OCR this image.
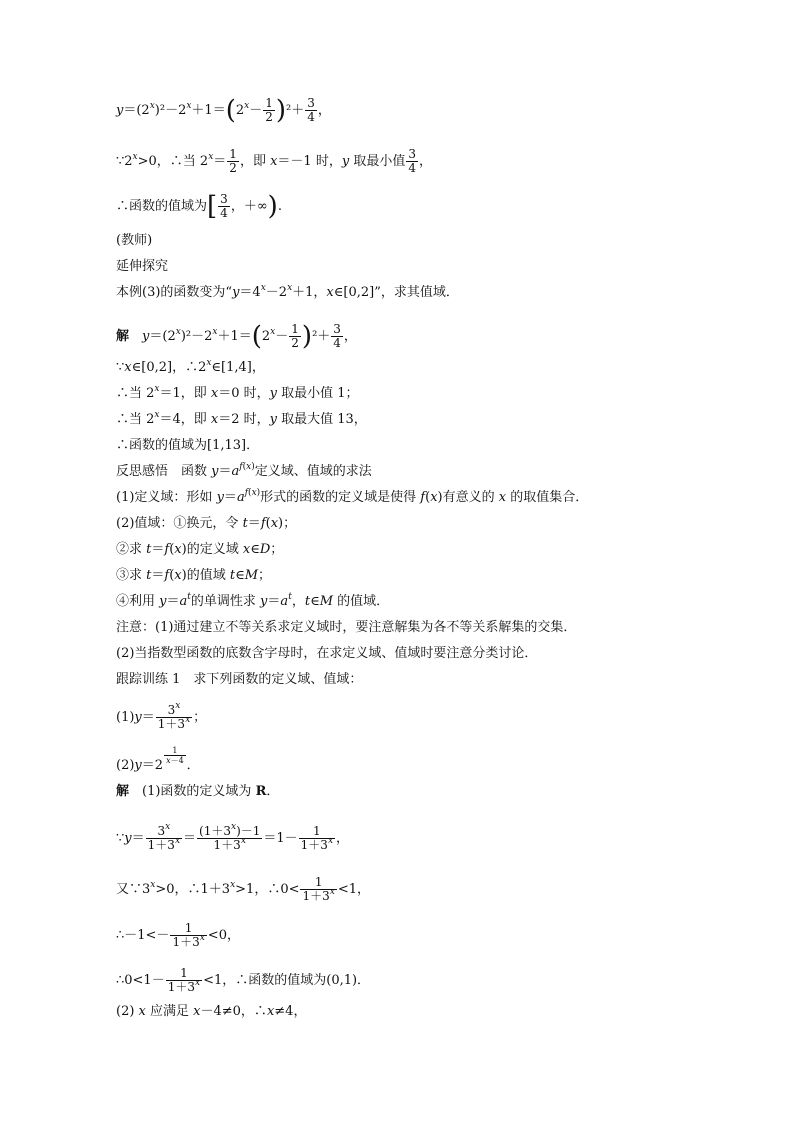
$y=(2^x)^2-2^x+1=(2^x- \frac{1}{2} )^2+ \frac{3}{4}$ ，
$\because 2^x>0$，∴当 $2^x= \frac{1}{2}$ ，即 x＝－1 时，y 取最小值 $\frac{3}{4}$ ，
∴函数的值域为[ $\frac{3}{4}$ ，＋∞).
(教师)
延伸探究
本例(3)的函数变为“$y=4^x-2^x+1$，x∈[0,2]”，求其值域．
解　 $y=(2^x)^2-2^x+1=(2^x- \frac{1}{2} )^2+ \frac{3}{4}$ ，
∵x∈[0,2]，∴2$^x$∈[1,4]，
∴当 $2^x=1$，即 x＝0 时，y 取最小值 1；
∴当 $2^x=4$，即 x＝2 时，y 取最大值 13，
∴函数的值域为[1,13]．
反思感悟　函数 $y=a^{f(x)}$定义域、值域的求法
(1)定义域：形如 $y=a^{f(x)}$形式的函数的定义域是使得 f(x)有意义的 x 的取值集合．
(2)值域：①换元，令 t＝f(x)；
②求 t＝f(x)的定义域 x∈D；
③求 t＝f(x)的值域 t∈M；
④利用 $y=a^t$的单调性求 $y=a^t$，t∈M 的值域．
注意：(1)通过建立不等关系求定义域时，要注意解集为各不等关系解集的交集．
(2)当指数型函数的底数含字母时，在求定义域、值域时要注意分类讨论．
跟踪训练 1　求下列函数的定义域、值域：
$(1)y= \frac{3^x}{1+3^x}$ ；
(2)y＝2
$\frac{1}{x-4}$
．
解　(1)函数的定义域为 R．
∵y＝ $\frac{3^x}{1+3^x} = \frac{(1+3^x)-1}{1+3^x} =1- \frac{1}{1+3^x}$ ，
又$\because 3^x>0$，$\therefore 1+3^x>1$，∴0< $\frac{1}{1+3^x} <1$，
∴－1<－ $\frac{1}{1+3^x} <0$，
∴0<1－ $\frac{1}{1+3^x} <1$，∴函数的值域为(0,1)．
(2) x 应满足 x－4≠0，∴x≠4，
